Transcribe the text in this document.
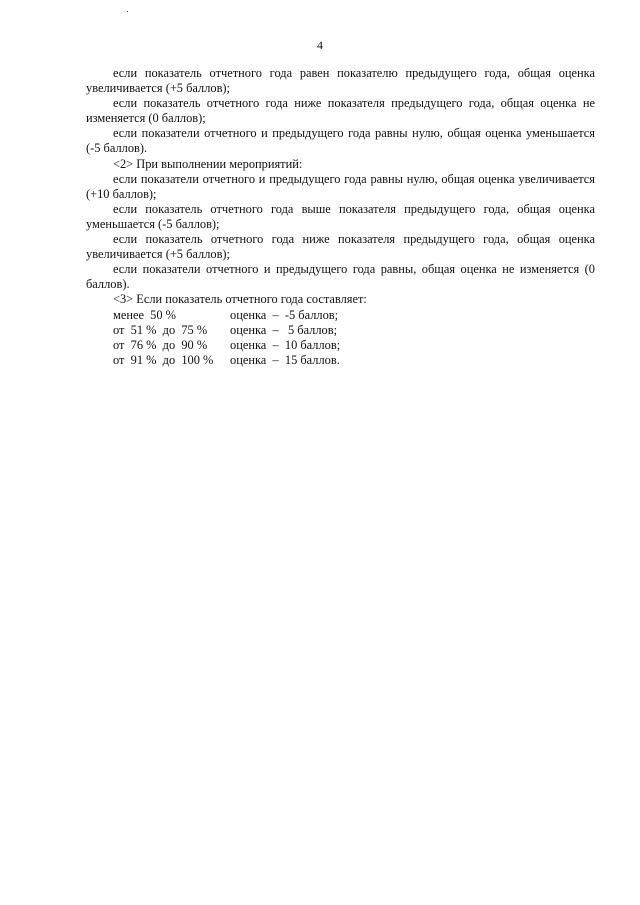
4

если показатель отчетного года равен показателю предыдущего года, общая оценка увеличивается (+5 баллов);

если показатель отчетного года ниже показателя предыдущего года, общая оценка не изменяется (0 баллов);

если показатели отчетного и предыдущего года равны нулю, общая оценка уменьшается (-5 баллов).

<2> При выполнении мероприятий:

если показатели отчетного и предыдущего года равны нулю, общая оценка увеличивается (+10 баллов);

если показатель отчетного года выше показателя предыдущего года, общая оценка уменьшается (-5 баллов);

если показатель отчетного года ниже показателя предыдущего года, общая оценка увеличивается (+5 баллов);

если показатели отчетного и предыдущего года равны, общая оценка не изменяется (0 баллов).

<3> Если показатель отчетного года составляет:

менее  50 %	оценка  –  -5 баллов;
от  51 %  до  75 %	оценка  –   5 баллов;
от  76 %  до  90 %	оценка  –  10 баллов;
от  91 %  до  100 %	оценка  –  15 баллов.
